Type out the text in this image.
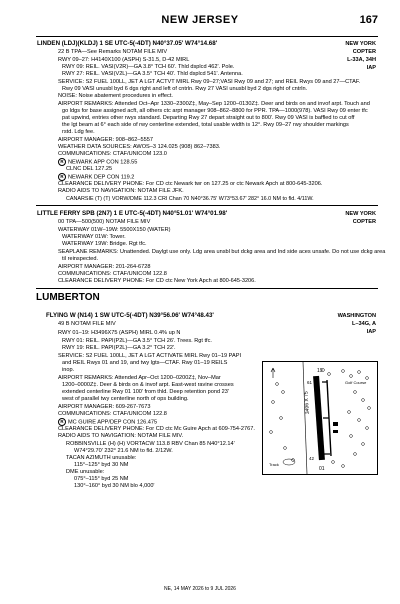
NEW JERSEY	167
LINDEN (LDJ)(KLDJ) 1 SE UTC-5(-4DT) N40°37.05' W74°14.68'
22 B TPA—See Remarks NOTAM FILE MIV
NEW YORK
COPTER
L-33A, 34H
IAP
RWY 09–27: H4140X100 (ASPH) S-31.5, D-42 MIRL
RWY 09: REIL. VASI(V2R)—GA 3.8° TCH 60'. Thld dsplcd 462'. Pole.
RWY 27: REIL. VASI(V2L)—GA 3.5° TCH 40'. Thld dsplcd 541'. Antenna.
SERVICE: S2 FUEL 100LL, JET A LGT ACTVT MIRL Rwy 09–27;VASI Rwy 09 and 27; and REIL Rwys 09 and 27—CTAF.
Rwy 09 VASI unusbl byd 6 dgs right and left of cntrln. Rwy 27 VASI unusbl byd 2 dgs right of cntrln.
NOISE: Noise abatement procedures in effect.
AIRPORT REMARKS: Attended Oct–Apr 1330–2300Z‡, May–Sep 1200–0130Z‡. Deer and birds on and invof arpt. Touch and
go ldgs for base assigned acft, all others ctc arpt manager 908–862–8800 for PPR. TPA—1000(978). VASI Rwy 09 enter tfc
pat upwind, entries other rwys standard. Departing Rwy 27 depart straight out to 800'. Rwy 09 VASI is baffled to cut off
the lgt beam at 6° each side of rwy centerline extended, total usable width is 12°. Rwy 09–27 rwy shoulder markings
rstd. Ldg fee.
AIRPORT MANAGER: 908–862–5557
WEATHER DATA SOURCES: AWOS–3 124.025 (908) 862–7383.
COMMUNICATIONS: CTAF/UNICOM 123.0
R NEWARK APP CON 128.55
CLNC DEL 127.25
R NEWARK DEP CON 119.2
CLEARANCE DELIVERY PHONE: For CD ctc Newark twr on 127.25 or ctc Newark Apch at 800-645-3206.
RADIO AIDS TO NAVIGATION: NOTAM FILE JFK.
CANARSIE (T) (T) VORW/DME 112.3 CRI Chan 70 N40°36.75' W73°53.67' 282° 16.0 NM to fld. 4/11W.
LITTLE FERRY SPB (2N7) 1 E UTC-5(-4DT) N40°51.01' W74°01.98'
00 TPA—500(500) NOTAM FILE MIV
NEW YORK
COPTER
WATERWAY 01W–19W: 5500X150 (WATER)
WATERWAY 01W: Tower.
WATERWAY 19W: Bridge. Rgt tfc.
SEAPLANE REMARKS: Unattended. Daylgt use only. Ldg area unsbl but dckg area and Ind side aces unsafe. Do not use dckg area
til reinspected.
AIRPORT MANAGER: 201-264-6728
COMMUNICATIONS: CTAF/UNICOM 122.8
CLEARANCE DELIVERY PHONE: For CD ctc New York Apch at 800-645-3206.
LUMBERTON
FLYING W (N14) 1 SW UTC-5(-4DT) N39°56.06' W74°48.43'
49 B NOTAM FILE MIV
WASHINGTON
L–34G, A
IAP
RWY 01–19: H3496X75 (ASPH) MIRL 0.4% up N
RWY 01: REIL. PAPI(P2L)—GA 3.5° TCH 26'. Trees. Rgt tfc.
RWY 19: REIL. PAPI(P2L)—GA 3.2° TCH 22'.
SERVICE: S2 FUEL 100LL, JET A LGT ACTIVATE MIRL Rwy 01–19 PAPI
and REIL Rwys 01 and 19, and twy lgts—CTAF. Rwy 01–19 REILS
inop.
AIRPORT REMARKS: Attended Apr–Oct 1200–0200Z‡, Nov–Mar
1200–0000Z‡. Deer & birds on & invof arpt. East-west ravine crosses
extended centerline Rwy 01 100' from thld. Deep retention pond 23'
west of parallel twy centerline north of ops building.
AIRPORT MANAGER: 609-267-7673
COMMUNICATIONS: CTAF/UNICOM 122.8
R MC GUIRE APP/DEP CON 126.475
CLEARANCE DELIVERY PHONE: For CD ctc Mc Guire Apch at 609-754-2767.
RADIO AIDS TO NAVIGATION: NOTAM FILE MIV.
ROBBINSVILLE (H) (H) VORTACW 113.8 RBV Chan 85 N40°12.14'
W74°29.70' 232° 21.6 NM to fld. 2/12W.
TACAN AZIMUTH unusable:
115°–125° byd 30 NM
DME unusable:
075°–115° byd 25 NM
130°–160° byd 30 NM blo 4,000'
3496 X 75
19
01
61
42
Golf Course
Track
NE, 14 MAY 2026 to 9 JUL 2026
